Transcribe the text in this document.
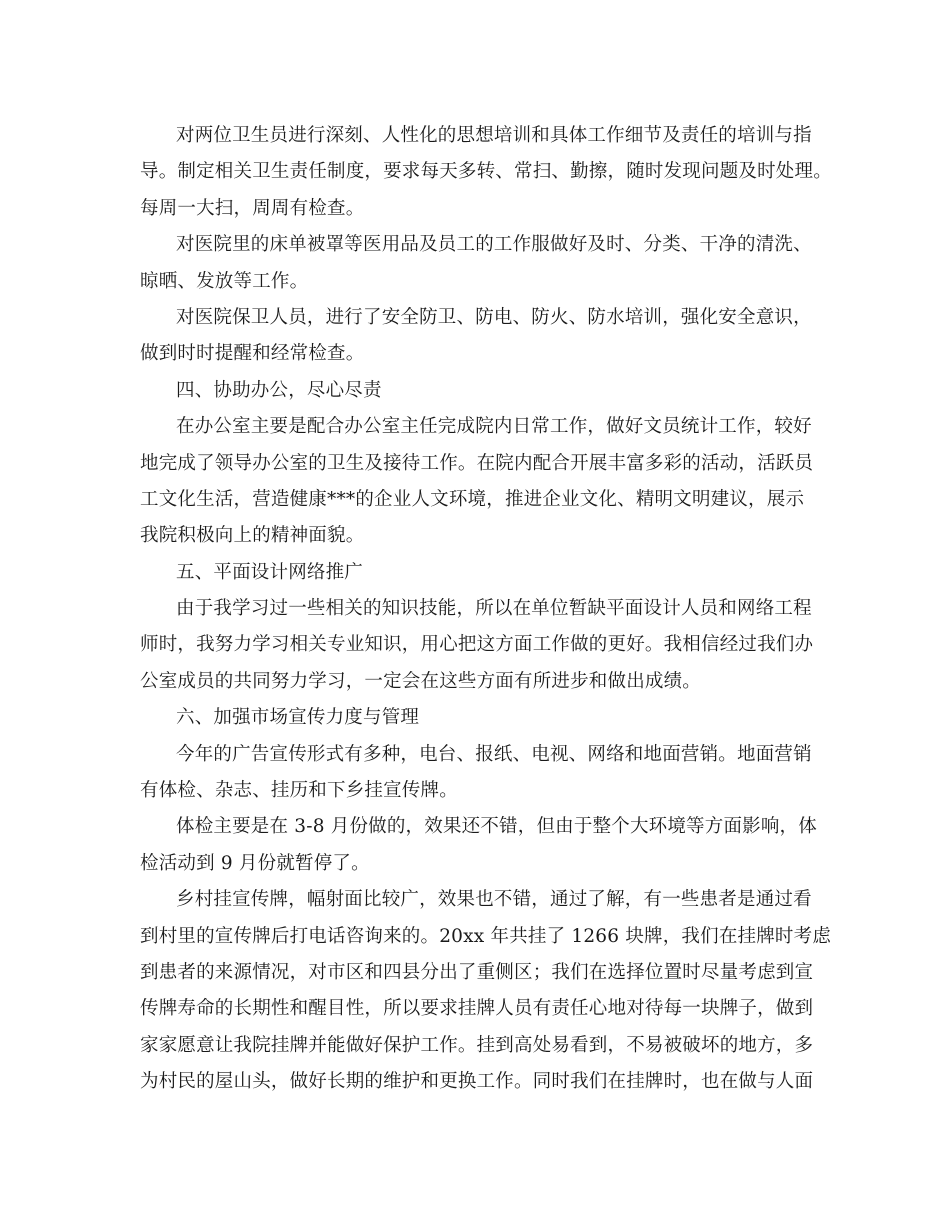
对两位卫生员进行深刻、人性化的思想培训和具体工作细节及责任的培训与指
导。制定相关卫生责任制度，要求每天多转、常扫、勤擦，随时发现问题及时处理。
每周一大扫，周周有检查。
对医院里的床单被罩等医用品及员工的工作服做好及时、分类、干净的清洗、
晾晒、发放等工作。
对医院保卫人员，进行了安全防卫、防电、防火、防水培训，强化安全意识，
做到时时提醒和经常检查。
四、协助办公，尽心尽责
在办公室主要是配合办公室主任完成院内日常工作，做好文员统计工作，较好
地完成了领导办公室的卫生及接待工作。在院内配合开展丰富多彩的活动，活跃员
工文化生活，营造健康***的企业人文环境，推进企业文化、精明文明建议，展示
我院积极向上的精神面貌。
五、平面设计网络推广
由于我学习过一些相关的知识技能，所以在单位暂缺平面设计人员和网络工程
师时，我努力学习相关专业知识，用心把这方面工作做的更好。我相信经过我们办
公室成员的共同努力学习，一定会在这些方面有所进步和做出成绩。
六、加强市场宣传力度与管理
今年的广告宣传形式有多种，电台、报纸、电视、网络和地面营销。地面营销
有体检、杂志、挂历和下乡挂宣传牌。
体检主要是在 3-8 月份做的，效果还不错，但由于整个大环境等方面影响，体
检活动到 9 月份就暂停了。
乡村挂宣传牌，幅射面比较广，效果也不错，通过了解，有一些患者是通过看
到村里的宣传牌后打电话咨询来的。20xx 年共挂了 1266 块牌，我们在挂牌时考虑
到患者的来源情况，对市区和四县分出了重侧区；我们在选择位置时尽量考虑到宣
传牌寿命的长期性和醒目性，所以要求挂牌人员有责任心地对待每一块牌子，做到
家家愿意让我院挂牌并能做好保护工作。挂到高处易看到，不易被破坏的地方，多
为村民的屋山头，做好长期的维护和更换工作。同时我们在挂牌时，也在做与人面
